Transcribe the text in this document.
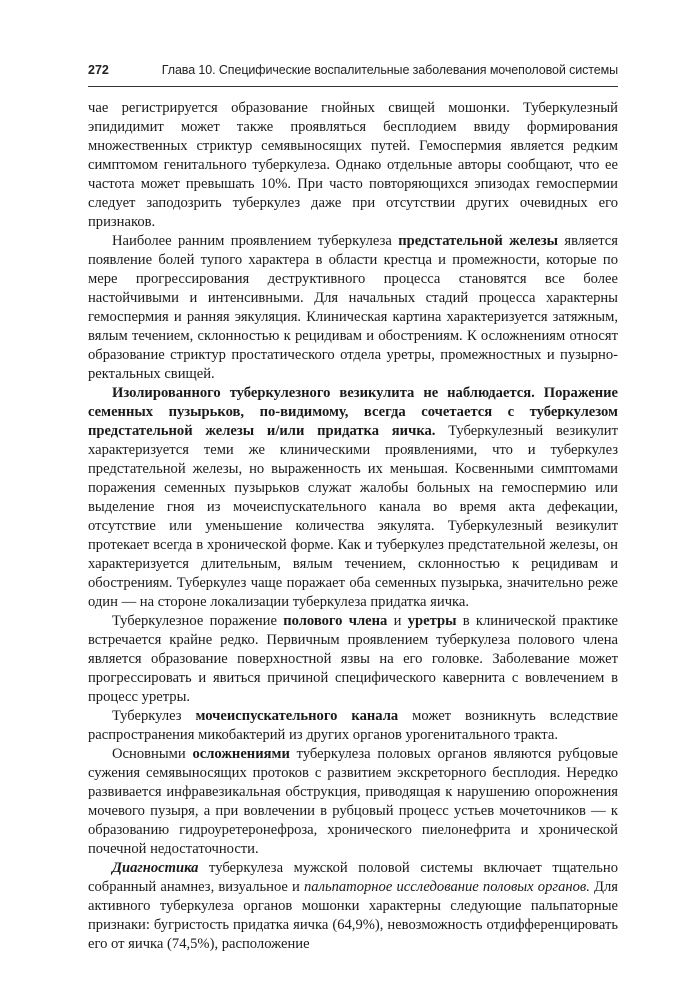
272	Глава 10. Специфические воспалительные заболевания мочеполовой системы

чае регистрируется образование гнойных свищей мошонки. Туберкулезный эпидидимит может также проявляться бесплодием ввиду формирования множественных стриктур семявыносящих путей. Гемоспермия является редким симптомом генитального туберкулеза. Однако отдельные авторы сообщают, что ее частота может превышать 10%. При часто повторяющихся эпизодах гемоспермии следует заподозрить туберкулез даже при отсутствии других очевидных его признаков.

Наиболее ранним проявлением туберкулеза предстательной железы является появление болей тупого характера в области крестца и промежности, которые по мере прогрессирования деструктивного процесса становятся все более настойчивыми и интенсивными. Для начальных стадий процесса характерны гемоспермия и ранняя эякуляция. Клиническая картина характеризуется затяжным, вялым течением, склонностью к рецидивам и обострениям. К осложнениям относят образование стриктур простатического отдела уретры, промежностных и пузырно-ректальных свищей.

Изолированного туберкулезного везикулита не наблюдается. Поражение семенных пузырьков, по-видимому, всегда сочетается с туберкулезом предстательной железы и/или придатка яичка. Туберкулезный везикулит характеризуется теми же клиническими проявлениями, что и туберкулез предстательной железы, но выраженность их меньшая. Косвенными симптомами поражения семенных пузырьков служат жалобы больных на гемоспермию или выделение гноя из мочеиспускательного канала во время акта дефекации, отсутствие или уменьшение количества эякулята. Туберкулезный везикулит протекает всегда в хронической форме. Как и туберкулез предстательной железы, он характеризуется длительным, вялым течением, склонностью к рецидивам и обострениям. Туберкулез чаще поражает оба семенных пузырька, значительно реже один — на стороне локализации туберкулеза придатка яичка.

Туберкулезное поражение полового члена и уретры в клинической практике встречается крайне редко. Первичным проявлением туберкулеза полового члена является образование поверхностной язвы на его головке. Заболевание может прогрессировать и явиться причиной специфического кавернита с вовлечением в процесс уретры.

Туберкулез мочеиспускательного канала может возникнуть вследствие распространения микобактерий из других органов урогенитального тракта.

Основными осложнениями туберкулеза половых органов являются рубцовые сужения семявыносящих протоков с развитием экскреторного бесплодия. Нередко развивается инфравезикальная обструкция, приводящая к нарушению опорожнения мочевого пузыря, а при вовлечении в рубцовый процесс устьев мочеточников — к образованию гидроуретеронефроза, хронического пиелонефрита и хронической почечной недостаточности.

Диагностика туберкулеза мужской половой системы включает тщательно собранный анамнез, визуальное и пальпаторное исследование половых органов. Для активного туберкулеза органов мошонки характерны следующие пальпаторные признаки: бугристость придатка яичка (64,9%), невозможность отдифференцировать его от яичка (74,5%), расположение
